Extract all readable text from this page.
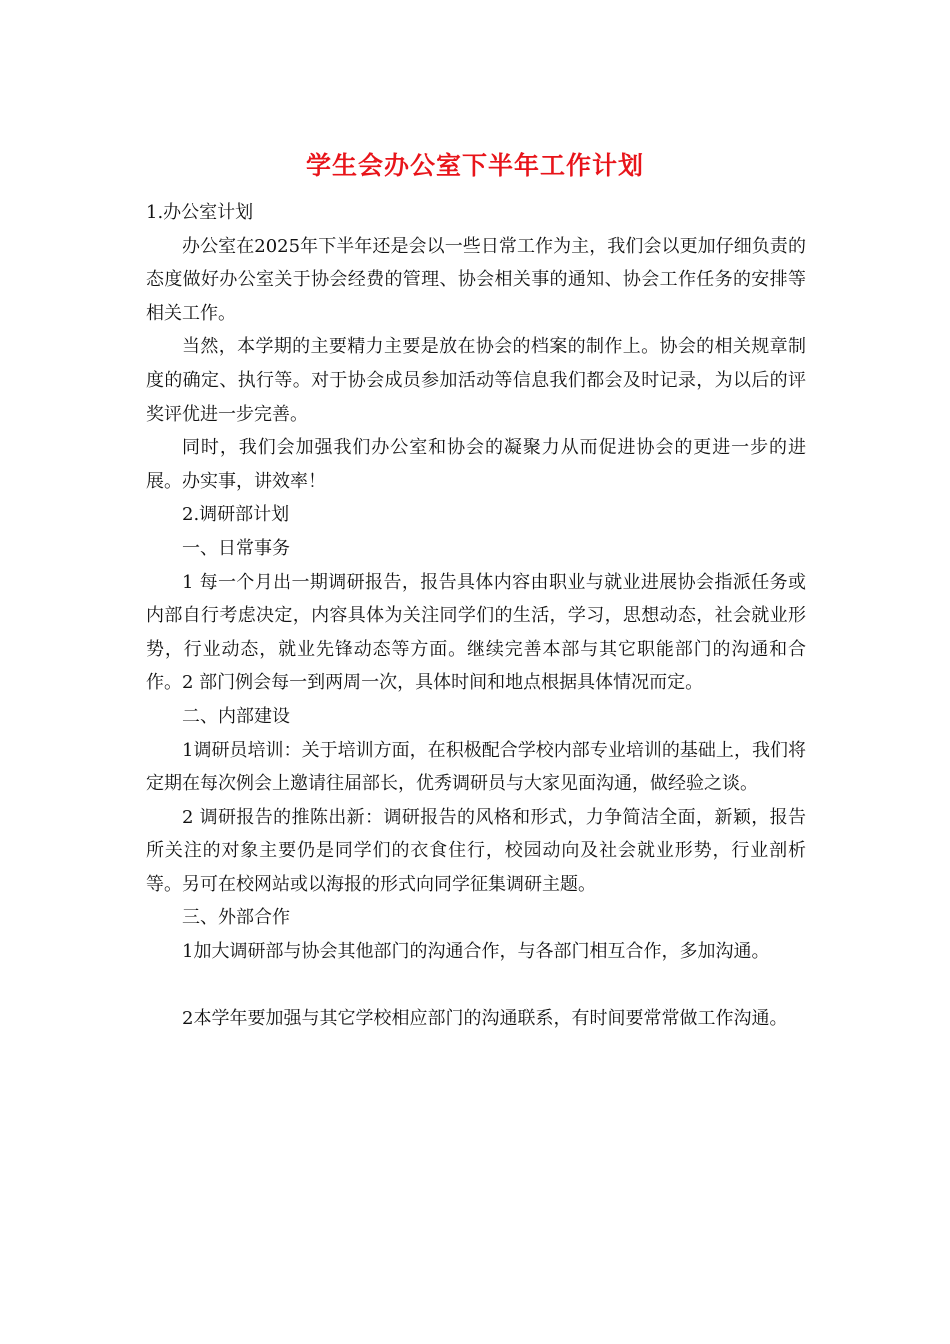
学生会办公室下半年工作计划

1.办公室计划

办公室在2025年下半年还是会以一些日常工作为主，我们会以更加仔细负责的态度做好办公室关于协会经费的管理、协会相关事的通知、协会工作任务的安排等相关工作。

当然，本学期的主要精力主要是放在协会的档案的制作上。协会的相关规章制度的确定、执行等。对于协会成员参加活动等信息我们都会及时记录，为以后的评奖评优进一步完善。

同时，我们会加强我们办公室和协会的凝聚力从而促进协会的更进一步的进展。办实事，讲效率！

2.调研部计划

一、日常事务

1 每一个月出一期调研报告，报告具体内容由职业与就业进展协会指派任务或内部自行考虑决定，内容具体为关注同学们的生活，学习，思想动态，社会就业形势，行业动态，就业先锋动态等方面。继续完善本部与其它职能部门的沟通和合作。2 部门例会每一到两周一次，具体时间和地点根据具体情况而定。

二、内部建设

1调研员培训：关于培训方面，在积极配合学校内部专业培训的基础上，我们将定期在每次例会上邀请往届部长，优秀调研员与大家见面沟通，做经验之谈。

2 调研报告的推陈出新：调研报告的风格和形式，力争简洁全面，新颖，报告所关注的对象主要仍是同学们的衣食住行，校园动向及社会就业形势，行业剖析等。另可在校网站或以海报的形式向同学征集调研主题。

三、外部合作

1加大调研部与协会其他部门的沟通合作，与各部门相互合作，多加沟通。

2本学年要加强与其它学校相应部门的沟通联系，有时间要常常做工作沟通。
